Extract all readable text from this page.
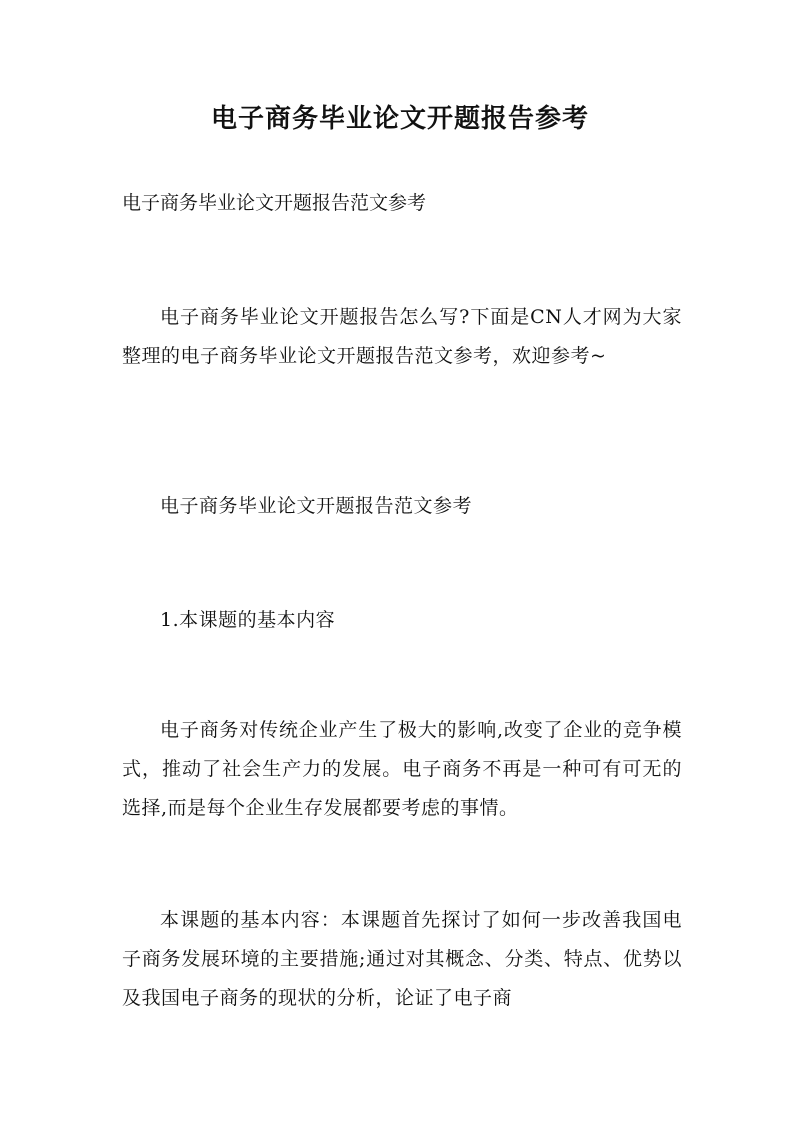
电子商务毕业论文开题报告参考

电子商务毕业论文开题报告范文参考

电子商务毕业论文开题报告怎么写?下面是CN人才网为大家整理的电子商务毕业论文开题报告范文参考，欢迎参考~

电子商务毕业论文开题报告范文参考

1.本课题的基本内容

电子商务对传统企业产生了极大的影响,改变了企业的竞争模式，推动了社会生产力的发展。电子商务不再是一种可有可无的选择,而是每个企业生存发展都要考虑的事情。

本课题的基本内容：本课题首先探讨了如何一步改善我国电子商务发展环境的主要措施;通过对其概念、分类、特点、优势以及我国电子商务的现状的分析，论证了电子商
